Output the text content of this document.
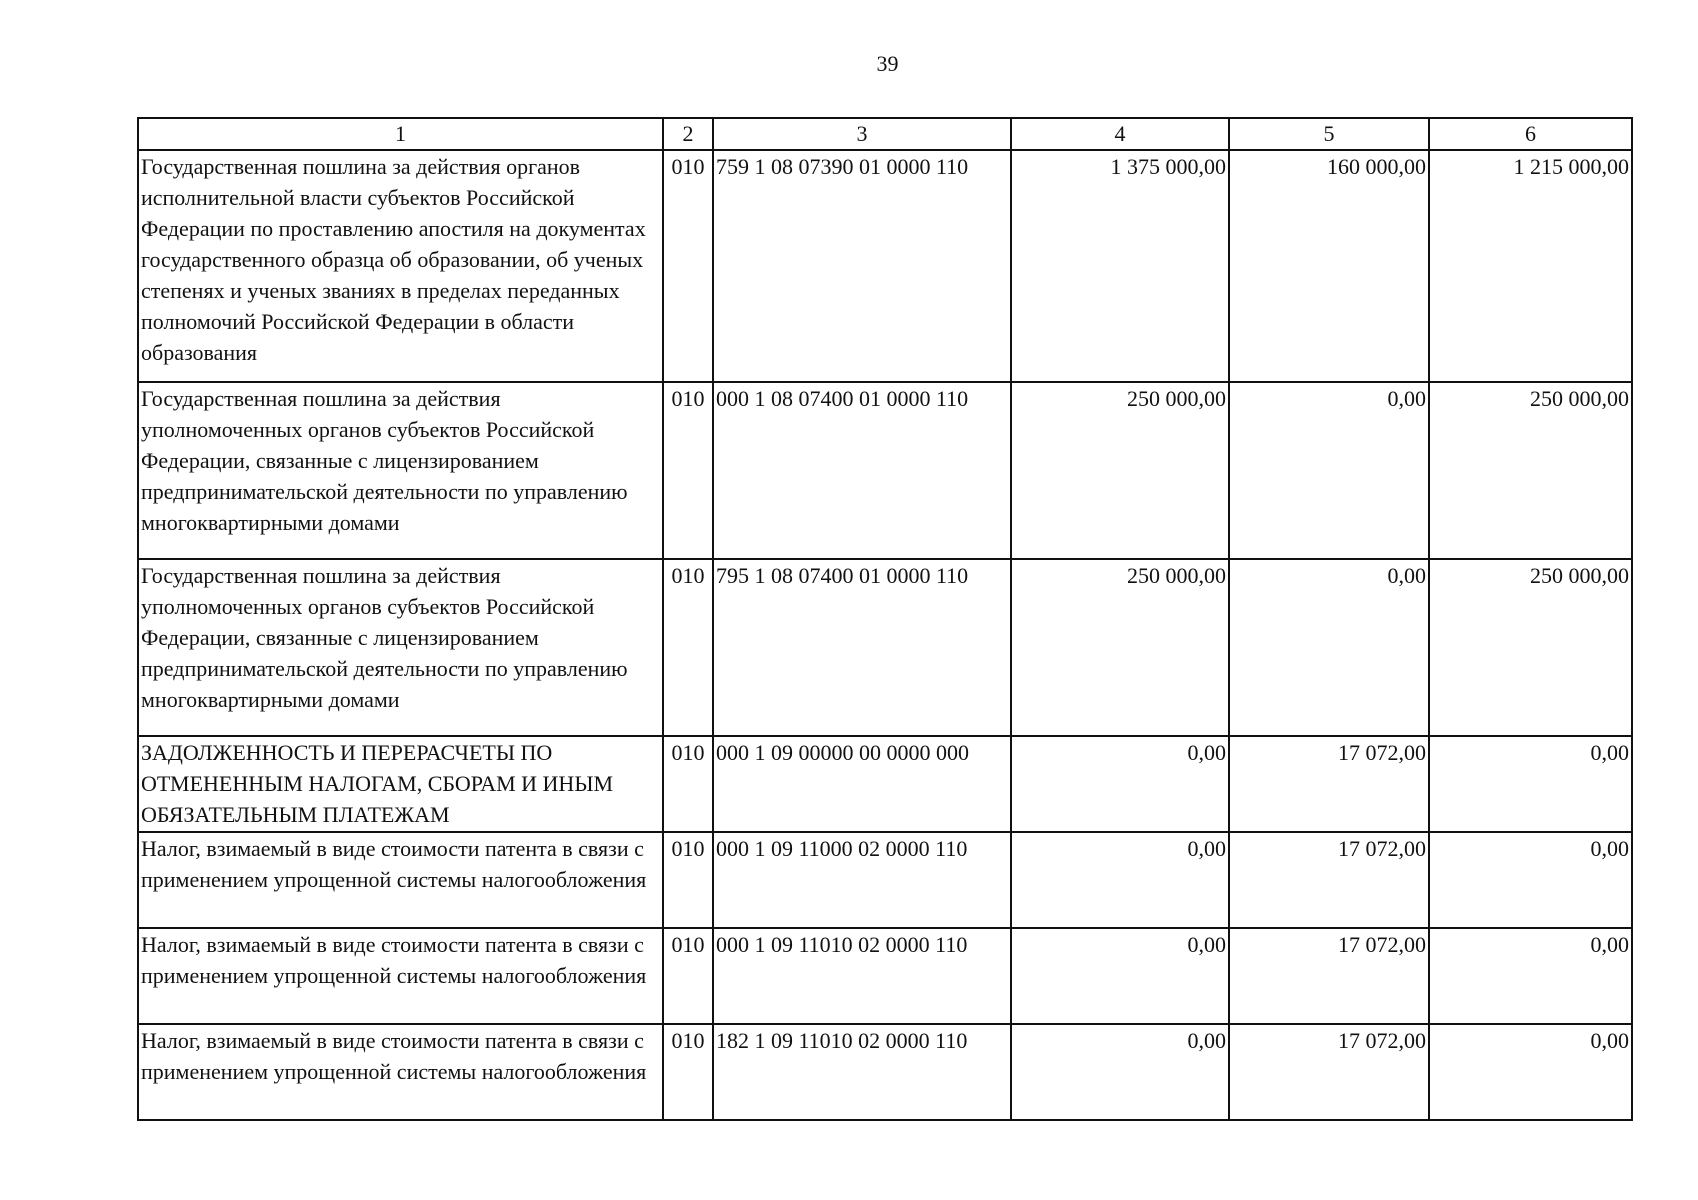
39
1	2	3	4	5	6
Государственная пошлина за действия органов исполнительной власти субъектов Российской Федерации по проставлению апостиля на документах государственного образца об образовании, об ученых степенях и ученых званиях в пределах переданных полномочий Российской Федерации в области образования	010	759 1 08 07390 01 0000 110	1 375 000,00	160 000,00	1 215 000,00
Государственная пошлина за действия уполномоченных органов субъектов Российской Федерации, связанные с лицензированием предпринимательской деятельности по управлению многоквартирными домами	010	000 1 08 07400 01 0000 110	250 000,00	0,00	250 000,00
Государственная пошлина за действия уполномоченных органов субъектов Российской Федерации, связанные с лицензированием предпринимательской деятельности по управлению многоквартирными домами	010	795 1 08 07400 01 0000 110	250 000,00	0,00	250 000,00
ЗАДОЛЖЕННОСТЬ И ПЕРЕРАСЧЕТЫ ПО ОТМЕНЕННЫМ НАЛОГАМ, СБОРАМ И ИНЫМ ОБЯЗАТЕЛЬНЫМ ПЛАТЕЖАМ	010	000 1 09 00000 00 0000 000	0,00	17 072,00	0,00
Налог, взимаемый в виде стоимости патента в связи с применением упрощенной системы налогообложения	010	000 1 09 11000 02 0000 110	0,00	17 072,00	0,00
Налог, взимаемый в виде стоимости патента в связи с применением упрощенной системы налогообложения	010	000 1 09 11010 02 0000 110	0,00	17 072,00	0,00
Налог, взимаемый в виде стоимости патента в связи с применением упрощенной системы налогообложения	010	182 1 09 11010 02 0000 110	0,00	17 072,00	0,00
